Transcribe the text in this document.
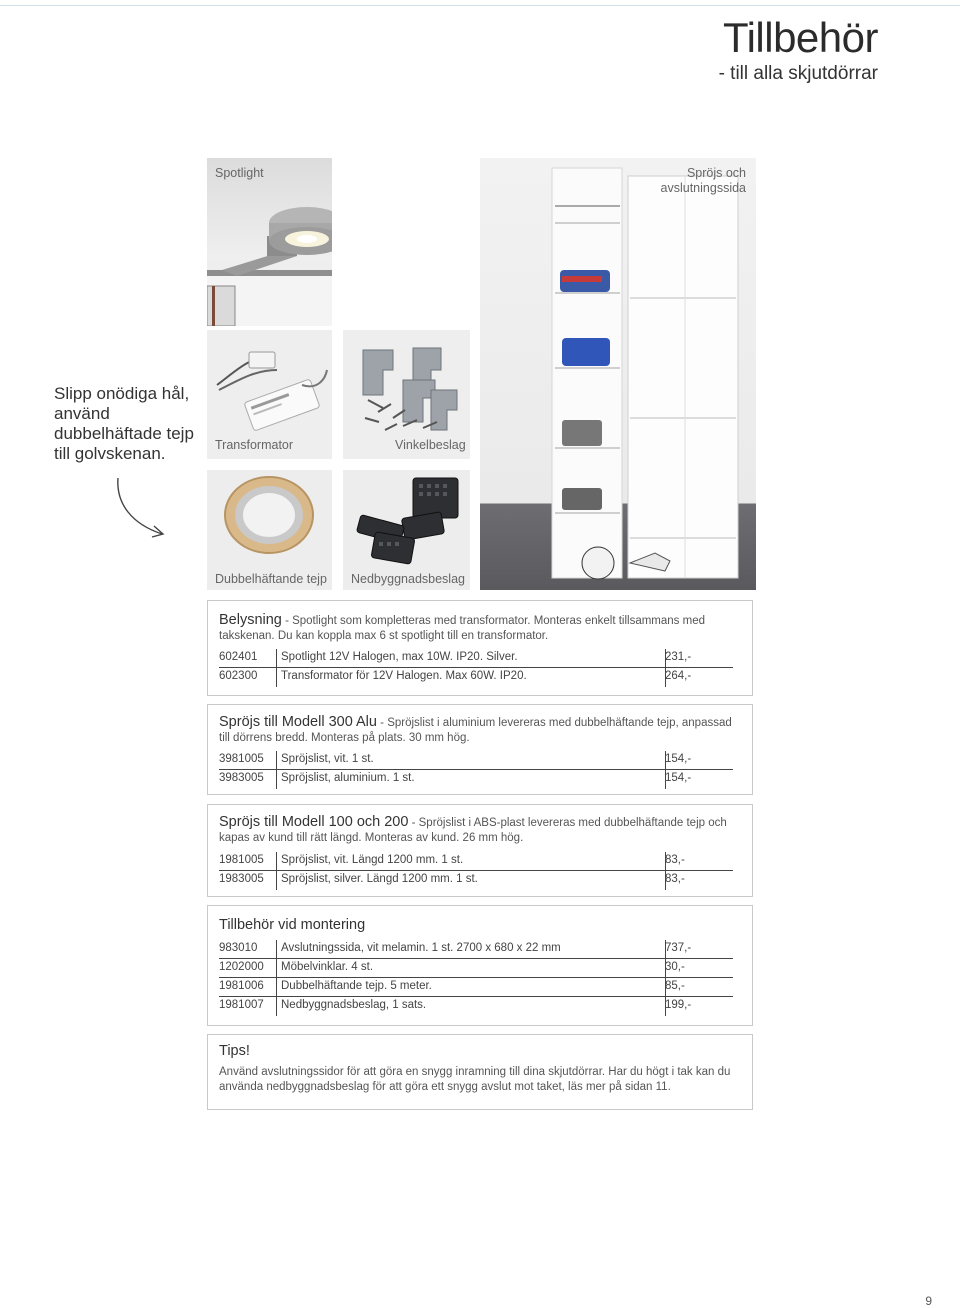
Tillbehör
- till alla skjutdörrar
Spotlight
Transformator	Vinkelbeslag
Dubbelhäftande tejp Nedbyggnadsbeslag
Spröjs och avslutningssida
Slipp onödiga hål, använd dubbelhäftade tejp till golvskenan.
Belysning - Spotlight som kompletteras med transformator. Monteras enkelt tillsammans med takskenan. Du kan koppla max 6 st spotlight till en transformator.
602401 Spotlight 12V Halogen, max 10W. IP20. Silver.	231,-
602300 Transformator för 12V Halogen. Max 60W. IP20.	264,-
Spröjs till Modell 300 Alu - Spröjslist i aluminium levereras med dubbelhäftande tejp, anpassad till dörrens bredd. Monteras på plats. 30 mm hög.
3981005 Spröjslist, vit. 1 st.	154,-
3983005 Spröjslist, aluminium. 1 st.	154,-
Spröjs till Modell 100 och 200 - Spröjslist i ABS-plast levereras med dubbelhäftande tejp och kapas av kund till rätt längd. Monteras av kund. 26 mm hög.
1981005 Spröjslist, vit. Längd 1200 mm. 1 st.	83,-
1983005 Spröjslist, silver. Längd 1200 mm. 1 st.	83,-
Tillbehör vid montering
983010 Avslutningssida, vit melamin. 1 st. 2700 x 680 x 22 mm	737,-
1202000 Möbelvinklar. 4 st.	30,-
1981006 Dubbelhäftande tejp. 5 meter.	85,-
1981007 Nedbyggnadsbeslag, 1 sats.	199,-
Tips!
Använd avslutningssidor för att göra en snygg inramning till dina skjutdörrar. Har du högt i tak kan du använda nedbyggnadsbeslag för att göra ett snygg avslut mot taket, läs mer på sidan 11.
9
